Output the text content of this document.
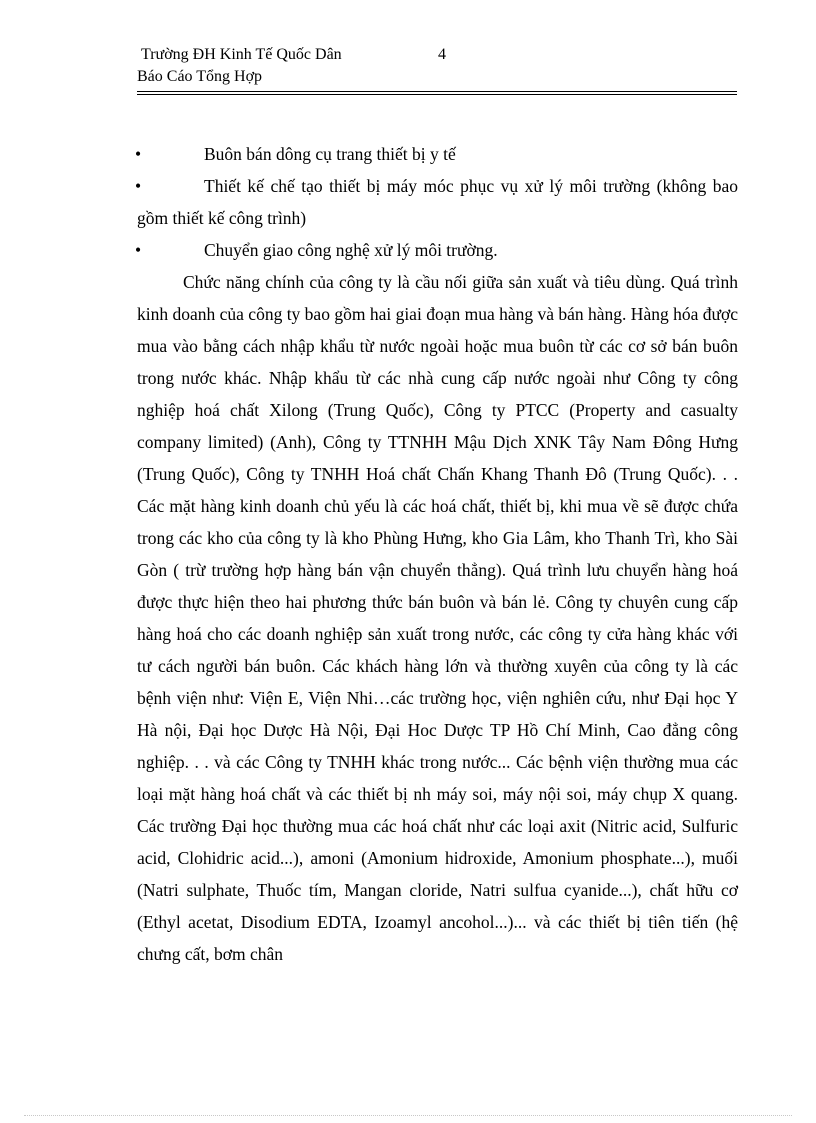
Trường ĐH Kinh Tế Quốc Dân	4
Báo Cáo Tổng Hợp
•	Buôn bán dông cụ trang thiết bị y tế
•	Thiết kế chế tạo thiết bị máy móc phục vụ xử lý môi trường (không bao gồm thiết kế công trình)
•	Chuyển giao công nghệ xử lý môi trường.

Chức năng chính của công ty là cầu nối giữa sản xuất và tiêu dùng. Quá trình kinh doanh của công ty bao gồm hai giai đoạn mua hàng và bán hàng. Hàng hóa được mua vào bằng cách nhập khẩu từ nước ngoài hoặc mua buôn từ các cơ sở bán buôn trong nước khác. Nhập khẩu từ các nhà cung cấp nước ngoài như Công ty công nghiệp hoá chất Xilong (Trung Quốc), Công ty PTCC (Property and casualty company limited) (Anh), Công ty TTNHH Mậu Dịch XNK Tây Nam Đông Hưng (Trung Quốc), Công ty TNHH Hoá chất Chấn Khang Thanh Đô (Trung Quốc). . . Các mặt hàng kinh doanh chủ yếu là các hoá chất, thiết bị, khi mua về sẽ được chứa trong các kho của công ty là kho Phùng Hưng, kho Gia Lâm, kho Thanh Trì, kho Sài Gòn ( trừ trường hợp hàng bán vận chuyển thẳng). Quá trình lưu chuyển hàng hoá được thực hiện theo hai phương thức bán buôn và bán lẻ. Công ty chuyên cung cấp hàng hoá cho các doanh nghiệp sản xuất trong nước, các công ty cửa hàng khác với tư cách người bán buôn. Các khách hàng lớn và thường xuyên của công ty là các bệnh viện như: Viện E, Viện Nhi…các trường học, viện nghiên cứu, như Đại học Y Hà nội, Đại học Dược Hà Nội, Đại Hoc Dược TP Hồ Chí Minh, Cao đẳng công nghiệp. . . và các Công ty TNHH khác trong nước... Các bệnh viện thường mua các loại mặt hàng hoá chất và các thiết bị nh máy soi, máy nội soi, máy chụp X quang. Các trường Đại học thường mua các hoá chất như các loại axit (Nitric acid, Sulfuric acid, Clohidric acid...), amoni (Amonium hidroxide, Amonium phosphate...), muối (Natri sulphate, Thuốc tím, Mangan cloride, Natri sulfua cyanide...), chất hữu cơ (Ethyl acetat, Disodium EDTA, Izoamyl ancohol...)... và các thiết bị tiên tiến (hệ chưng cất, bơm chân
